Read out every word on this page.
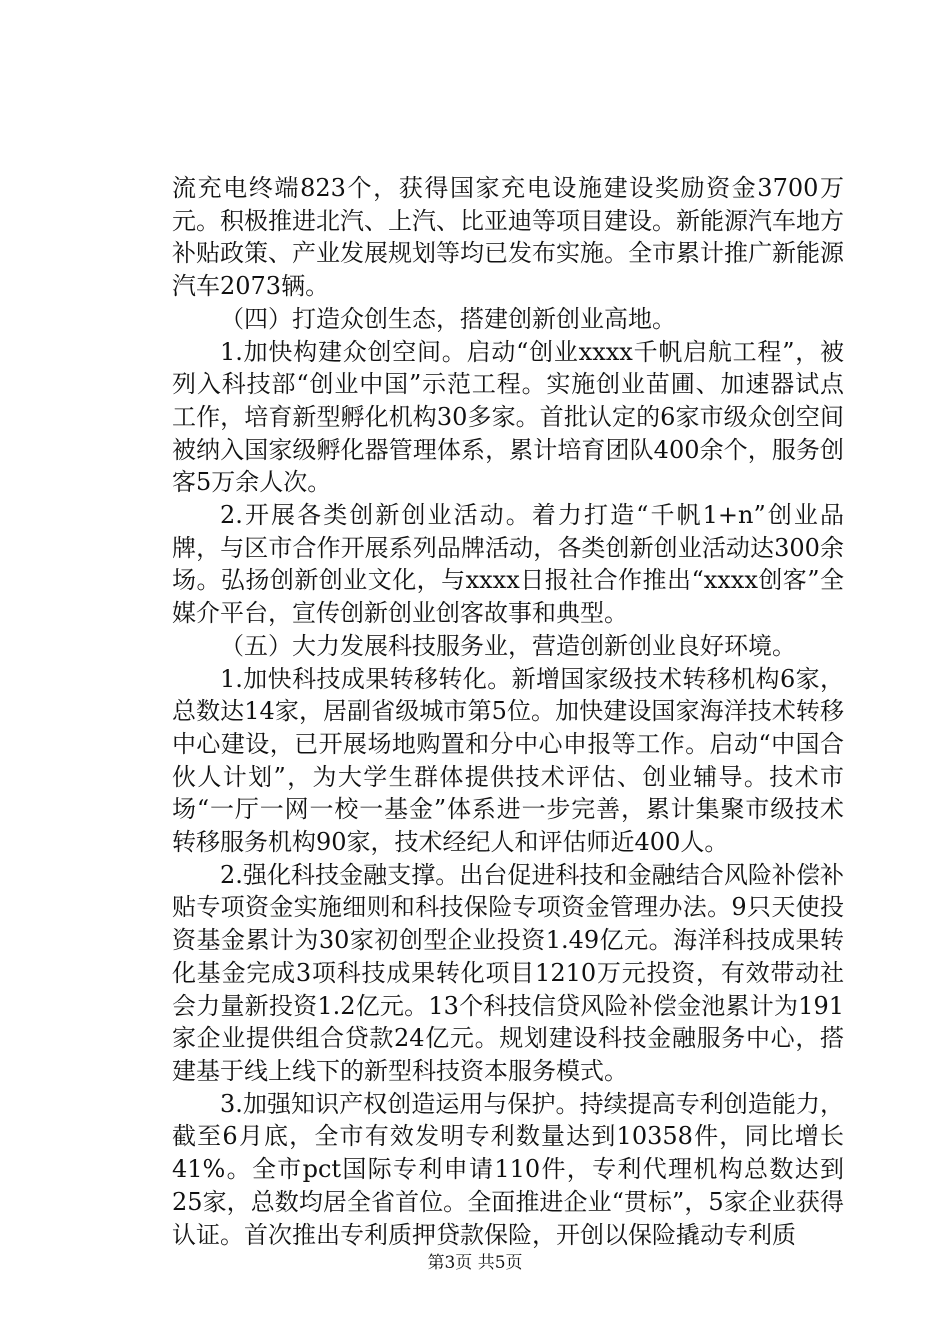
流充电终端823个，获得国家充电设施建设奖励资金3700万元。积极推进北汽、上汽、比亚迪等项目建设。新能源汽车地方补贴政策、产业发展规划等均已发布实施。全市累计推广新能源汽车2073辆。

（四）打造众创生态，搭建创新创业高地。

1.加快构建众创空间。启动“创业xxxx千帆启航工程”，被列入科技部“创业中国”示范工程。实施创业苗圃、加速器试点工作，培育新型孵化机构30多家。首批认定的6家市级众创空间被纳入国家级孵化器管理体系，累计培育团队400余个，服务创客5万余人次。

2.开展各类创新创业活动。着力打造“千帆1+n”创业品牌，与区市合作开展系列品牌活动，各类创新创业活动达300余场。弘扬创新创业文化，与xxxx日报社合作推出“xxxx创客”全媒介平台，宣传创新创业创客故事和典型。

（五）大力发展科技服务业，营造创新创业良好环境。

1.加快科技成果转移转化。新增国家级技术转移机构6家，总数达14家，居副省级城市第5位。加快建设国家海洋技术转移中心建设，已开展场地购置和分中心申报等工作。启动“中国合伙人计划”，为大学生群体提供技术评估、创业辅导。技术市场“一厅一网一校一基金”体系进一步完善，累计集聚市级技术转移服务机构90家，技术经纪人和评估师近400人。

2.强化科技金融支撑。出台促进科技和金融结合风险补偿补贴专项资金实施细则和科技保险专项资金管理办法。9只天使投资基金累计为30家初创型企业投资1.49亿元。海洋科技成果转化基金完成3项科技成果转化项目1210万元投资，有效带动社会力量新投资1.2亿元。13个科技信贷风险补偿金池累计为191家企业提供组合贷款24亿元。规划建设科技金融服务中心，搭建基于线上线下的新型科技资本服务模式。

3.加强知识产权创造运用与保护。持续提高专利创造能力，截至6月底，全市有效发明专利数量达到10358件，同比增长41%。全市pct国际专利申请110件，专利代理机构总数达到25家，总数均居全省首位。全面推进企业“贯标”，5家企业获得认证。首次推出专利质押贷款保险，开创以保险撬动专利质

第3页 共5页
